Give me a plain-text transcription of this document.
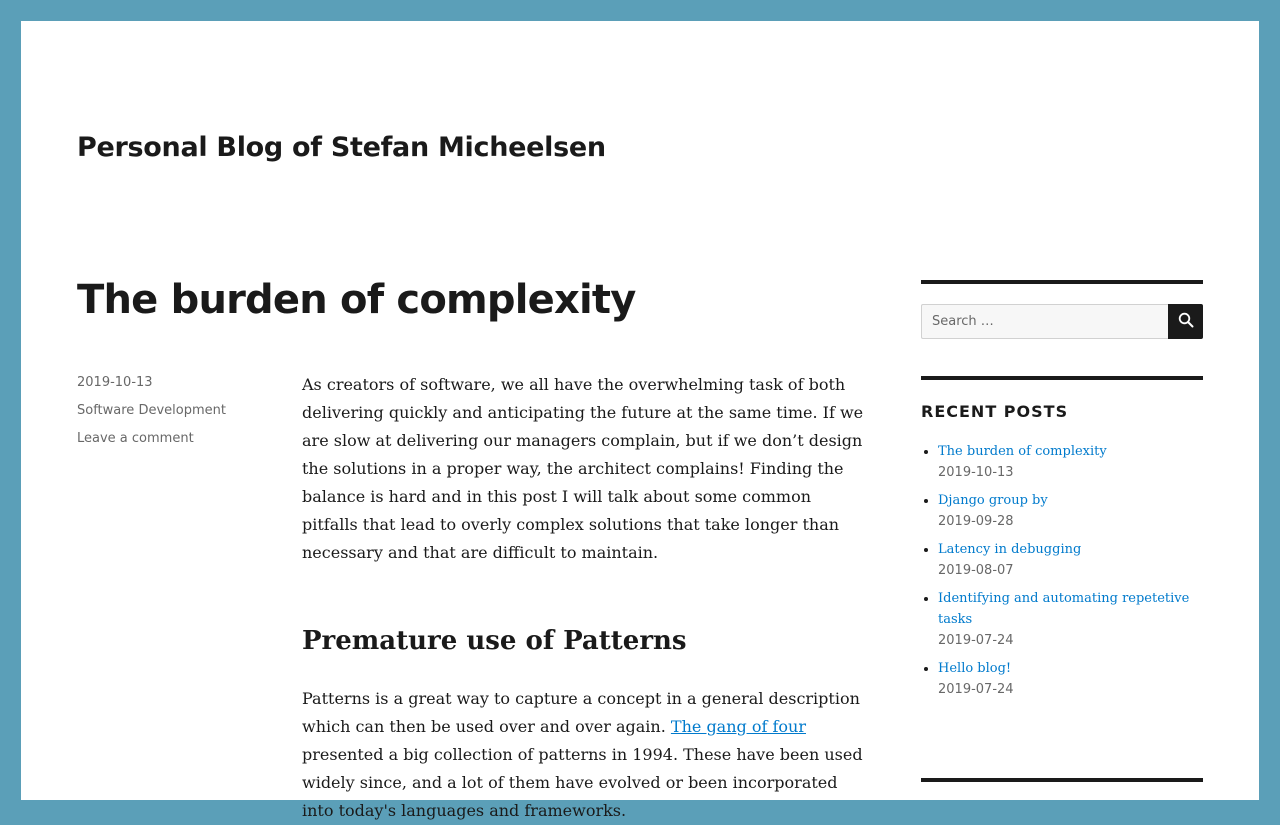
Personal Blog of Stefan Micheelsen
The burden of complexity
2019-10-13
Software Development
Leave a comment

As creators of software, we all have the overwhelming task of both delivering quickly and anticipating the future at the same time. If we are slow at delivering our managers complain, but if we don’t design the solutions in a proper way, the architect complains! Finding the balance is hard and in this post I will talk about some common pitfalls that lead to overly complex solutions that take longer than necessary and that are difficult to maintain.

Premature use of Patterns

Patterns is a great way to capture a concept in a general description which can then be used over and over again. The gang of four presented a big collection of patterns in 1994. These have been used widely since, and a lot of them have evolved or been incorporated into today's languages and frameworks.

Search …
RECENT POSTS
• The burden of complexity
2019-10-13
• Django group by
2019-09-28
• Latency in debugging
2019-08-07
• Identifying and automating repetetive tasks
2019-07-24
• Hello blog!
2019-07-24
